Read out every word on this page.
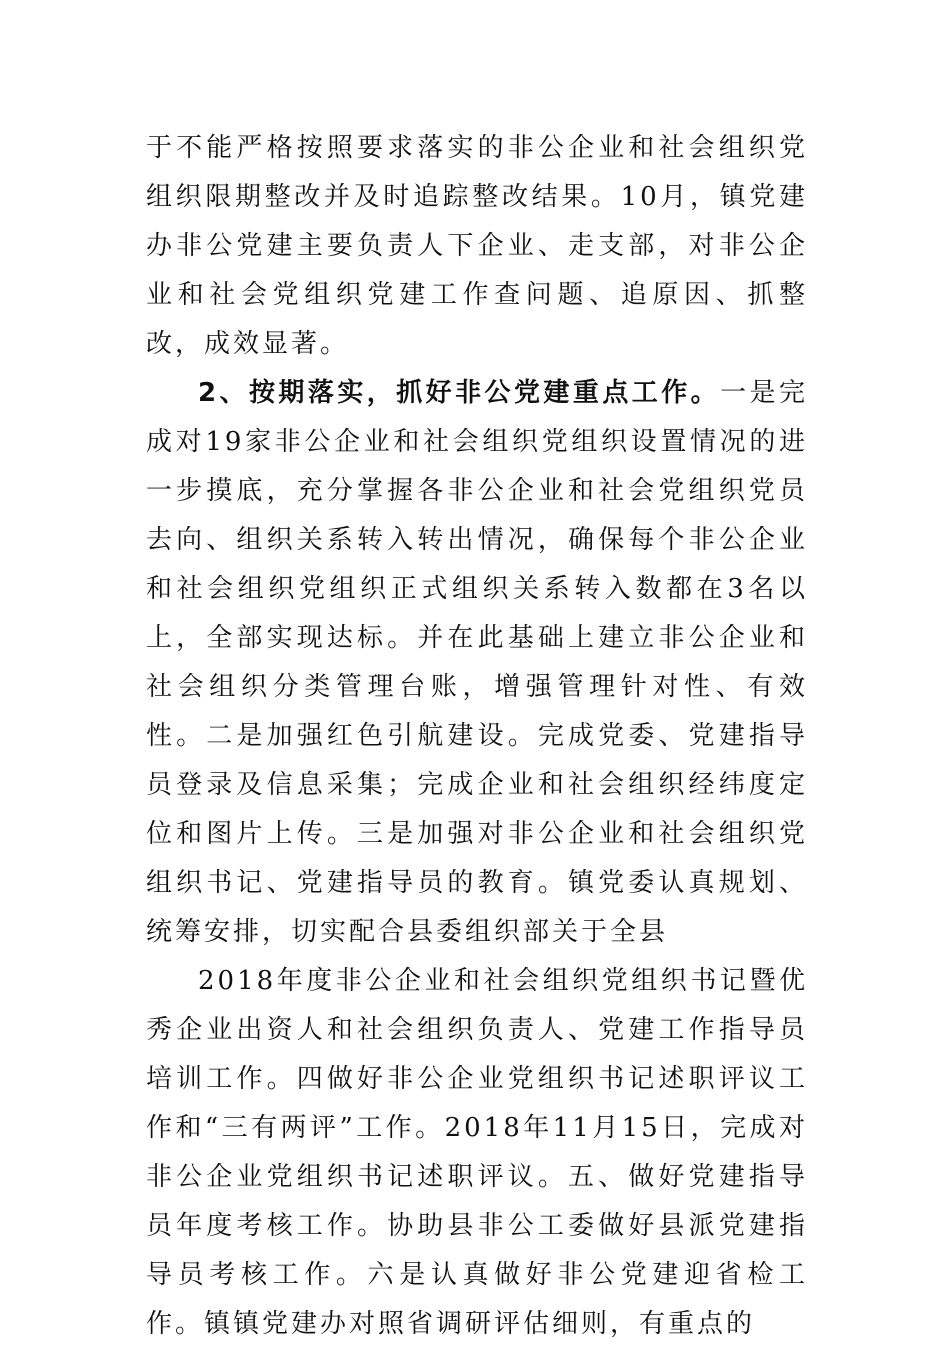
于不能严格按照要求落实的非公企业和社会组织党组织限期整改并及时追踪整改结果。10月，镇党建办非公党建主要负责人下企业、走支部，对非公企业和社会党组织党建工作查问题、追原因、抓整改，成效显著。

2、按期落实，抓好非公党建重点工作。一是完成对19家非公企业和社会组织党组织设置情况的进一步摸底，充分掌握各非公企业和社会党组织党员去向、组织关系转入转出情况，确保每个非公企业和社会组织党组织正式组织关系转入数都在3名以上，全部实现达标。并在此基础上建立非公企业和社会组织分类管理台账，增强管理针对性、有效性。二是加强红色引航建设。完成党委、党建指导员登录及信息采集；完成企业和社会组织经纬度定位和图片上传。三是加强对非公企业和社会组织党组织书记、党建指导员的教育。镇党委认真规划、统筹安排，切实配合县委组织部关于全县

2018年度非公企业和社会组织党组织书记暨优秀企业出资人和社会组织负责人、党建工作指导员培训工作。四做好非公企业党组织书记述职评议工作和“三有两评”工作。2018年11月15日，完成对非公企业党组织书记述职评议。五、做好党建指导员年度考核工作。协助县非公工委做好县派党建指导员考核工作。六是认真做好非公党建迎省检工作。镇镇党建办对照省调研评估细则，有重点的
